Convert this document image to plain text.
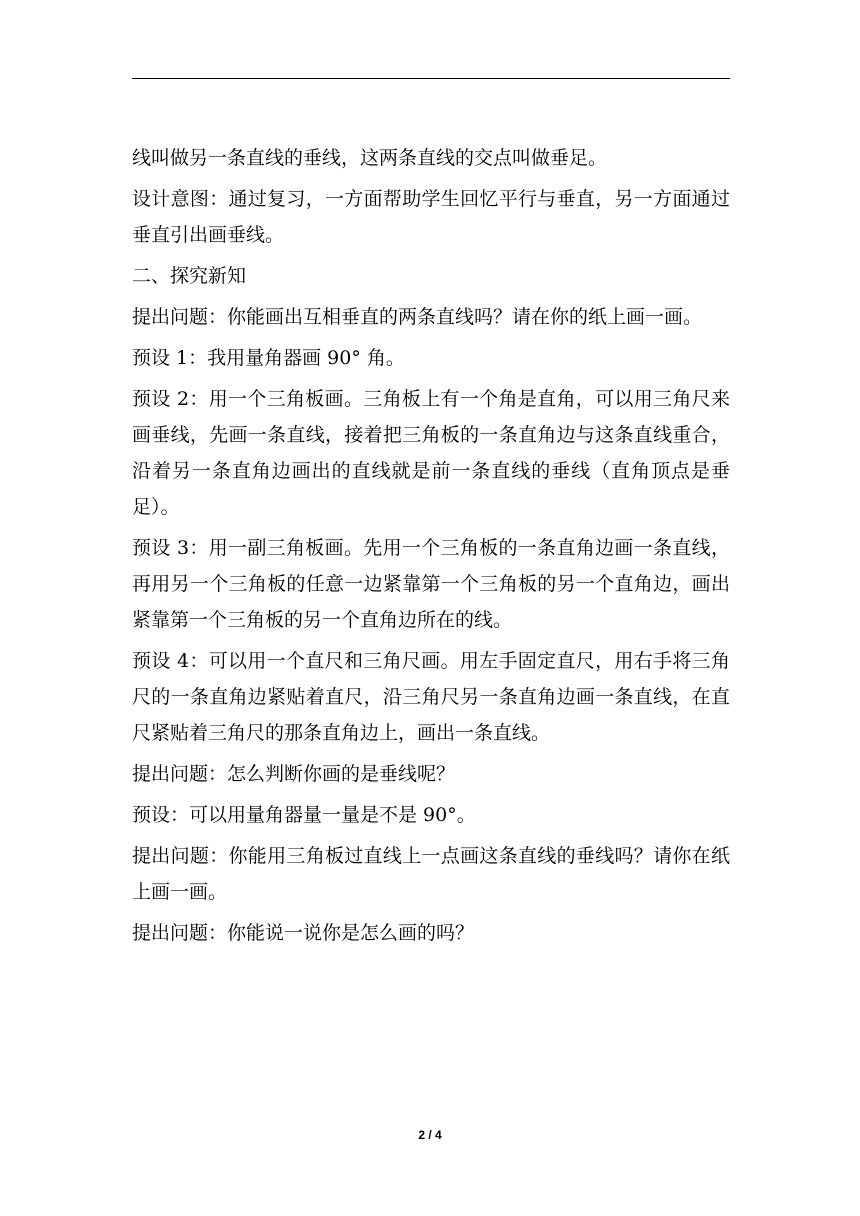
线叫做另一条直线的垂线，这两条直线的交点叫做垂足。

设计意图：通过复习，一方面帮助学生回忆平行与垂直，另一方面通过垂直引出画垂线。

二、探究新知

提出问题：你能画出互相垂直的两条直线吗？请在你的纸上画一画。

预设 1：我用量角器画 90° 角。

预设 2：用一个三角板画。三角板上有一个角是直角，可以用三角尺来画垂线，先画一条直线，接着把三角板的一条直角边与这条直线重合，沿着另一条直角边画出的直线就是前一条直线的垂线（直角顶点是垂足）。

预设 3：用一副三角板画。先用一个三角板的一条直角边画一条直线，再用另一个三角板的任意一边紧靠第一个三角板的另一个直角边，画出紧靠第一个三角板的另一个直角边所在的线。

预设 4：可以用一个直尺和三角尺画。用左手固定直尺，用右手将三角尺的一条直角边紧贴着直尺，沿三角尺另一条直角边画一条直线，在直尺紧贴着三角尺的那条直角边上，画出一条直线。

提出问题：怎么判断你画的是垂线呢？

预设：可以用量角器量一量是不是 90°。

提出问题：你能用三角板过直线上一点画这条直线的垂线吗？请你在纸上画一画。

提出问题：你能说一说你是怎么画的吗？

2 / 4
